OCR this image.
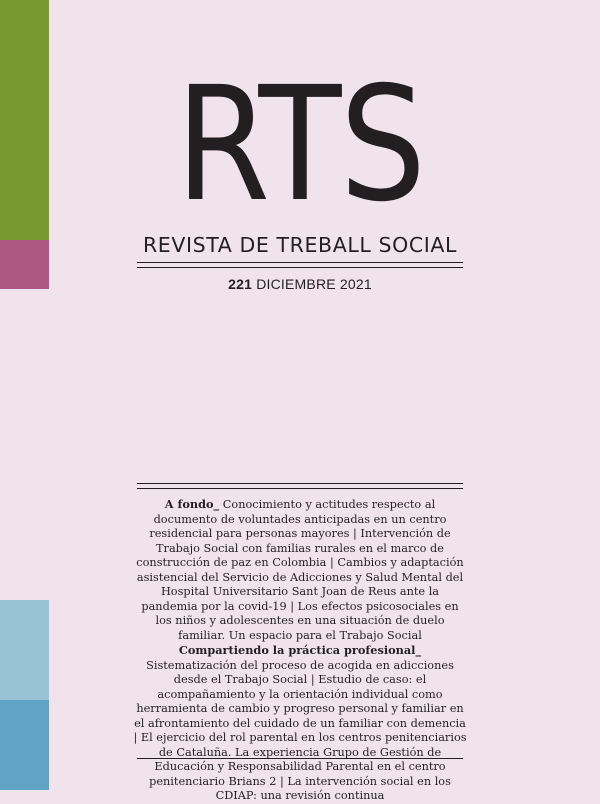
RTS
REVISTA DE TREBALL SOCIAL
221 DICIEMBRE 2021

A fondo_ Conocimiento y actitudes respecto al documento de voluntades anticipadas en un centro residencial para personas mayores | Intervención de Trabajo Social con familias rurales en el marco de construcción de paz en Colombia | Cambios y adaptación asistencial del Servicio de Adicciones y Salud Mental del Hospital Universitario Sant Joan de Reus ante la pandemia por la covid-19 | Los efectos psicosociales en los niños y adolescentes en una situación de duelo familiar. Un espacio para el Trabajo Social

Compartiendo la práctica profesional_ Sistematización del proceso de acogida en adicciones desde el Trabajo Social | Estudio de caso: el acompañamiento y la orientación individual como herramienta de cambio y progreso personal y familiar en el afrontamiento del cuidado de un familiar con demencia | El ejercicio del rol parental en los centros penitenciarios de Cataluña. La experiencia Grupo de Gestión de Educación y Responsabilidad Parental en el centro penitenciario Brians 2 | La intervención social en los CDIAP: una revisión continua
